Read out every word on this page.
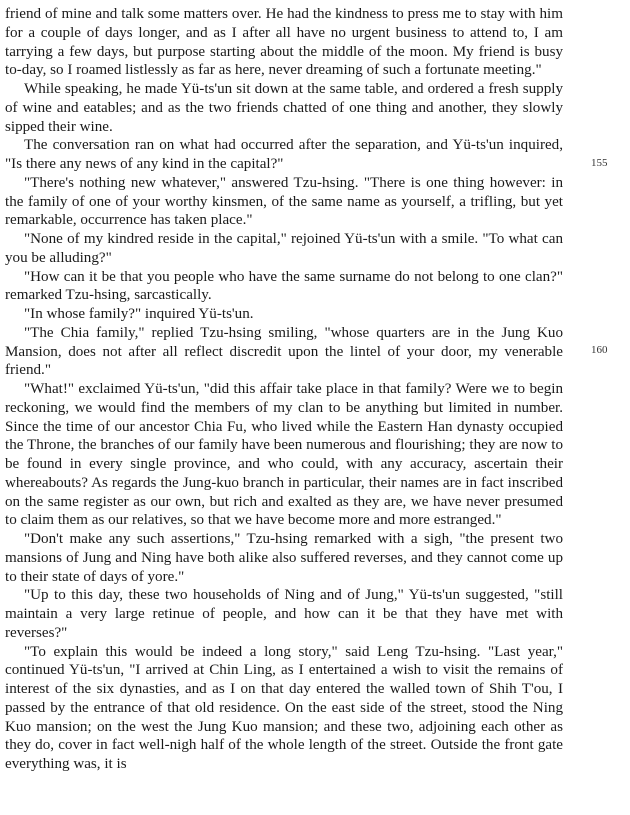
friend of mine and talk some matters over. He had the kindness to press me to stay with him for a couple of days longer, and as I after all have no urgent business to attend to, I am tarrying a few days, but purpose starting about the middle of the moon. My friend is busy to-day, so I roamed listlessly as far as here, never dreaming of such a fortunate meeting."

While speaking, he made Yü-ts'un sit down at the same table, and ordered a fresh supply of wine and eatables; and as the two friends chatted of one thing and another, they slowly sipped their wine.

The conversation ran on what had occurred after the separation, and Yü-ts'un inquired, "Is there any news of any kind in the capital?"

"There's nothing new whatever," answered Tzu-hsing. "There is one thing however: in the family of one of your worthy kinsmen, of the same name as yourself, a trifling, but yet remarkable, occurrence has taken place."

"None of my kindred reside in the capital," rejoined Yü-ts'un with a smile. "To what can you be alluding?"

"How can it be that you people who have the same surname do not belong to one clan?" remarked Tzu-hsing, sarcastically.

"In whose family?" inquired Yü-ts'un.

"The Chia family," replied Tzu-hsing smiling, "whose quarters are in the Jung Kuo Mansion, does not after all reflect discredit upon the lintel of your door, my venerable friend."

"What!" exclaimed Yü-ts'un, "did this affair take place in that family? Were we to begin reckoning, we would find the members of my clan to be anything but limited in number. Since the time of our ancestor Chia Fu, who lived while the Eastern Han dynasty occupied the Throne, the branches of our family have been numerous and flourishing; they are now to be found in every single province, and who could, with any accuracy, ascertain their whereabouts? As regards the Jung-kuo branch in particular, their names are in fact inscribed on the same register as our own, but rich and exalted as they are, we have never presumed to claim them as our relatives, so that we have become more and more estranged."

"Don't make any such assertions," Tzu-hsing remarked with a sigh, "the present two mansions of Jung and Ning have both alike also suffered reverses, and they cannot come up to their state of days of yore."

"Up to this day, these two households of Ning and of Jung," Yü-ts'un suggested, "still maintain a very large retinue of people, and how can it be that they have met with reverses?"

"To explain this would be indeed a long story," said Leng Tzu-hsing. "Last year," continued Yü-ts'un, "I arrived at Chin Ling, as I entertained a wish to visit the remains of interest of the six dynasties, and as I on that day entered the walled town of Shih T'ou, I passed by the entrance of that old residence. On the east side of the street, stood the Ning Kuo mansion; on the west the Jung Kuo mansion; and these two, adjoining each other as they do, cover in fact well-nigh half of the whole length of the street. Outside the front gate everything was, it is

155
160
